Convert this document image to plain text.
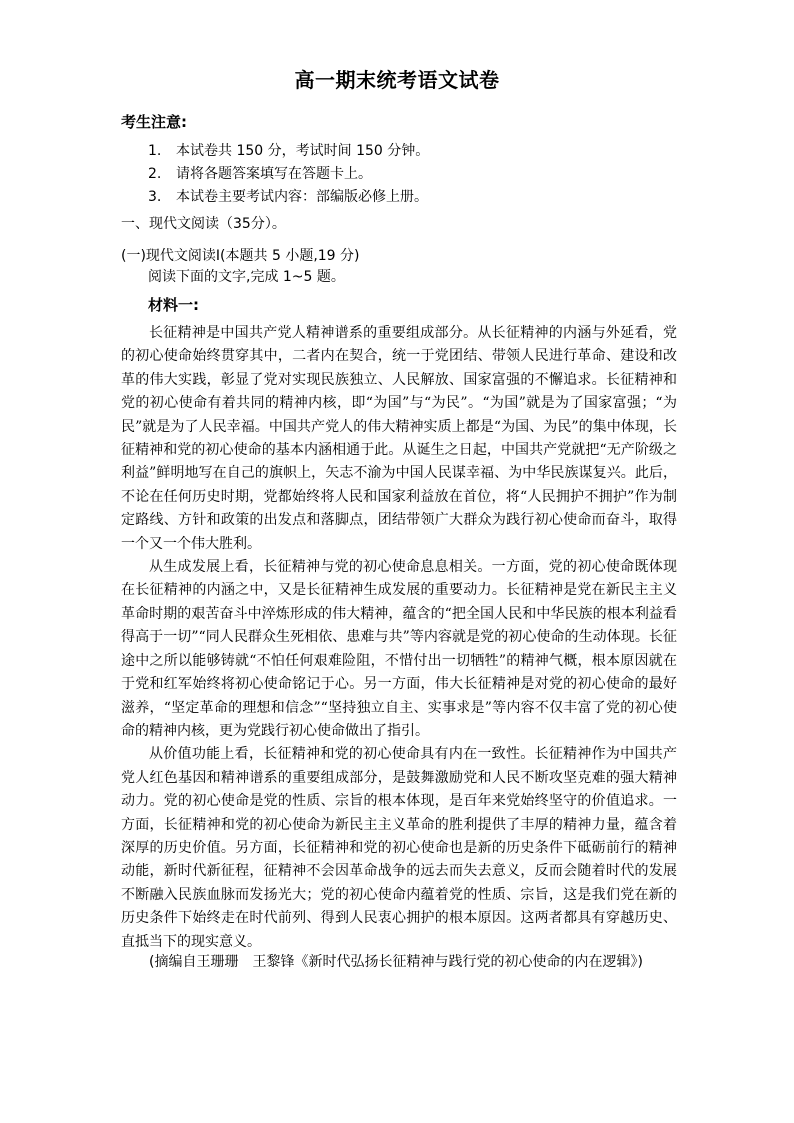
高一期末统考语文试卷
考生注意:
1. 本试卷共 150 分，考试时间 150 分钟。
2. 请将各题答案填写在答题卡上。
3. 本试卷主要考试内容：部编版必修上册。
一、现代文阅读（35分）。
(一)现代文阅读Ⅰ(本题共 5 小题,19 分)
阅读下面的文字,完成 1~5 题。
材料一:

长征精神是中国共产党人精神谱系的重要组成部分。从长征精神的内涵与外延看，党的初心使命始终贯穿其中，二者内在契合，统一于党团结、带领人民进行革命、建设和改革的伟大实践，彰显了党对实现民族独立、人民解放、国家富强的不懈追求。长征精神和党的初心使命有着共同的精神内核，即“为国”与“为民”。“为国”就是为了国家富强；“为民”就是为了人民幸福。中国共产党人的伟大精神实质上都是“为国、为民”的集中体现，长征精神和党的初心使命的基本内涵相通于此。从诞生之日起，中国共产党就把“无产阶级之利益”鲜明地写在自己的旗帜上，矢志不渝为中国人民谋幸福、为中华民族谋复兴。此后，不论在任何历史时期，党都始终将人民和国家利益放在首位，将“人民拥护不拥护”作为制定路线、方针和政策的出发点和落脚点，团结带领广大群众为践行初心使命而奋斗，取得一个又一个伟大胜利。

从生成发展上看，长征精神与党的初心使命息息相关。一方面，党的初心使命既体现在长征精神的内涵之中，又是长征精神生成发展的重要动力。长征精神是党在新民主主义革命时期的艰苦奋斗中淬炼形成的伟大精神，蕴含的“把全国人民和中华民族的根本利益看得高于一切”“同人民群众生死相依、患难与共”等内容就是党的初心使命的生动体现。长征途中之所以能够铸就“不怕任何艰难险阻，不惜付出一切牺牲”的精神气概，根本原因就在于党和红军始终将初心使命铭记于心。另一方面，伟大长征精神是对党的初心使命的最好滋养，“坚定革命的理想和信念”“坚持独立自主、实事求是”等内容不仅丰富了党的初心使命的精神内核，更为党践行初心使命做出了指引。

从价值功能上看，长征精神和党的初心使命具有内在一致性。长征精神作为中国共产党人红色基因和精神谱系的重要组成部分，是鼓舞激励党和人民不断攻坚克难的强大精神动力。党的初心使命是党的性质、宗旨的根本体现，是百年来党始终坚守的价值追求。一方面，长征精神和党的初心使命为新民主主义革命的胜利提供了丰厚的精神力量，蕴含着深厚的历史价值。另方面，长征精神和党的初心使命也是新的历史条件下砥砺前行的精神动能，新时代新征程，征精神不会因革命战争的远去而失去意义，反而会随着时代的发展不断融入民族血脉而发扬光大；党的初心使命内蕴着党的性质、宗旨，这是我们党在新的历史条件下始终走在时代前列、得到人民衷心拥护的根本原因。这两者都具有穿越历史、直抵当下的现实意义。

(摘编自王珊珊　王黎锋《新时代弘扬长征精神与践行党的初心使命的内在逻辑》)
